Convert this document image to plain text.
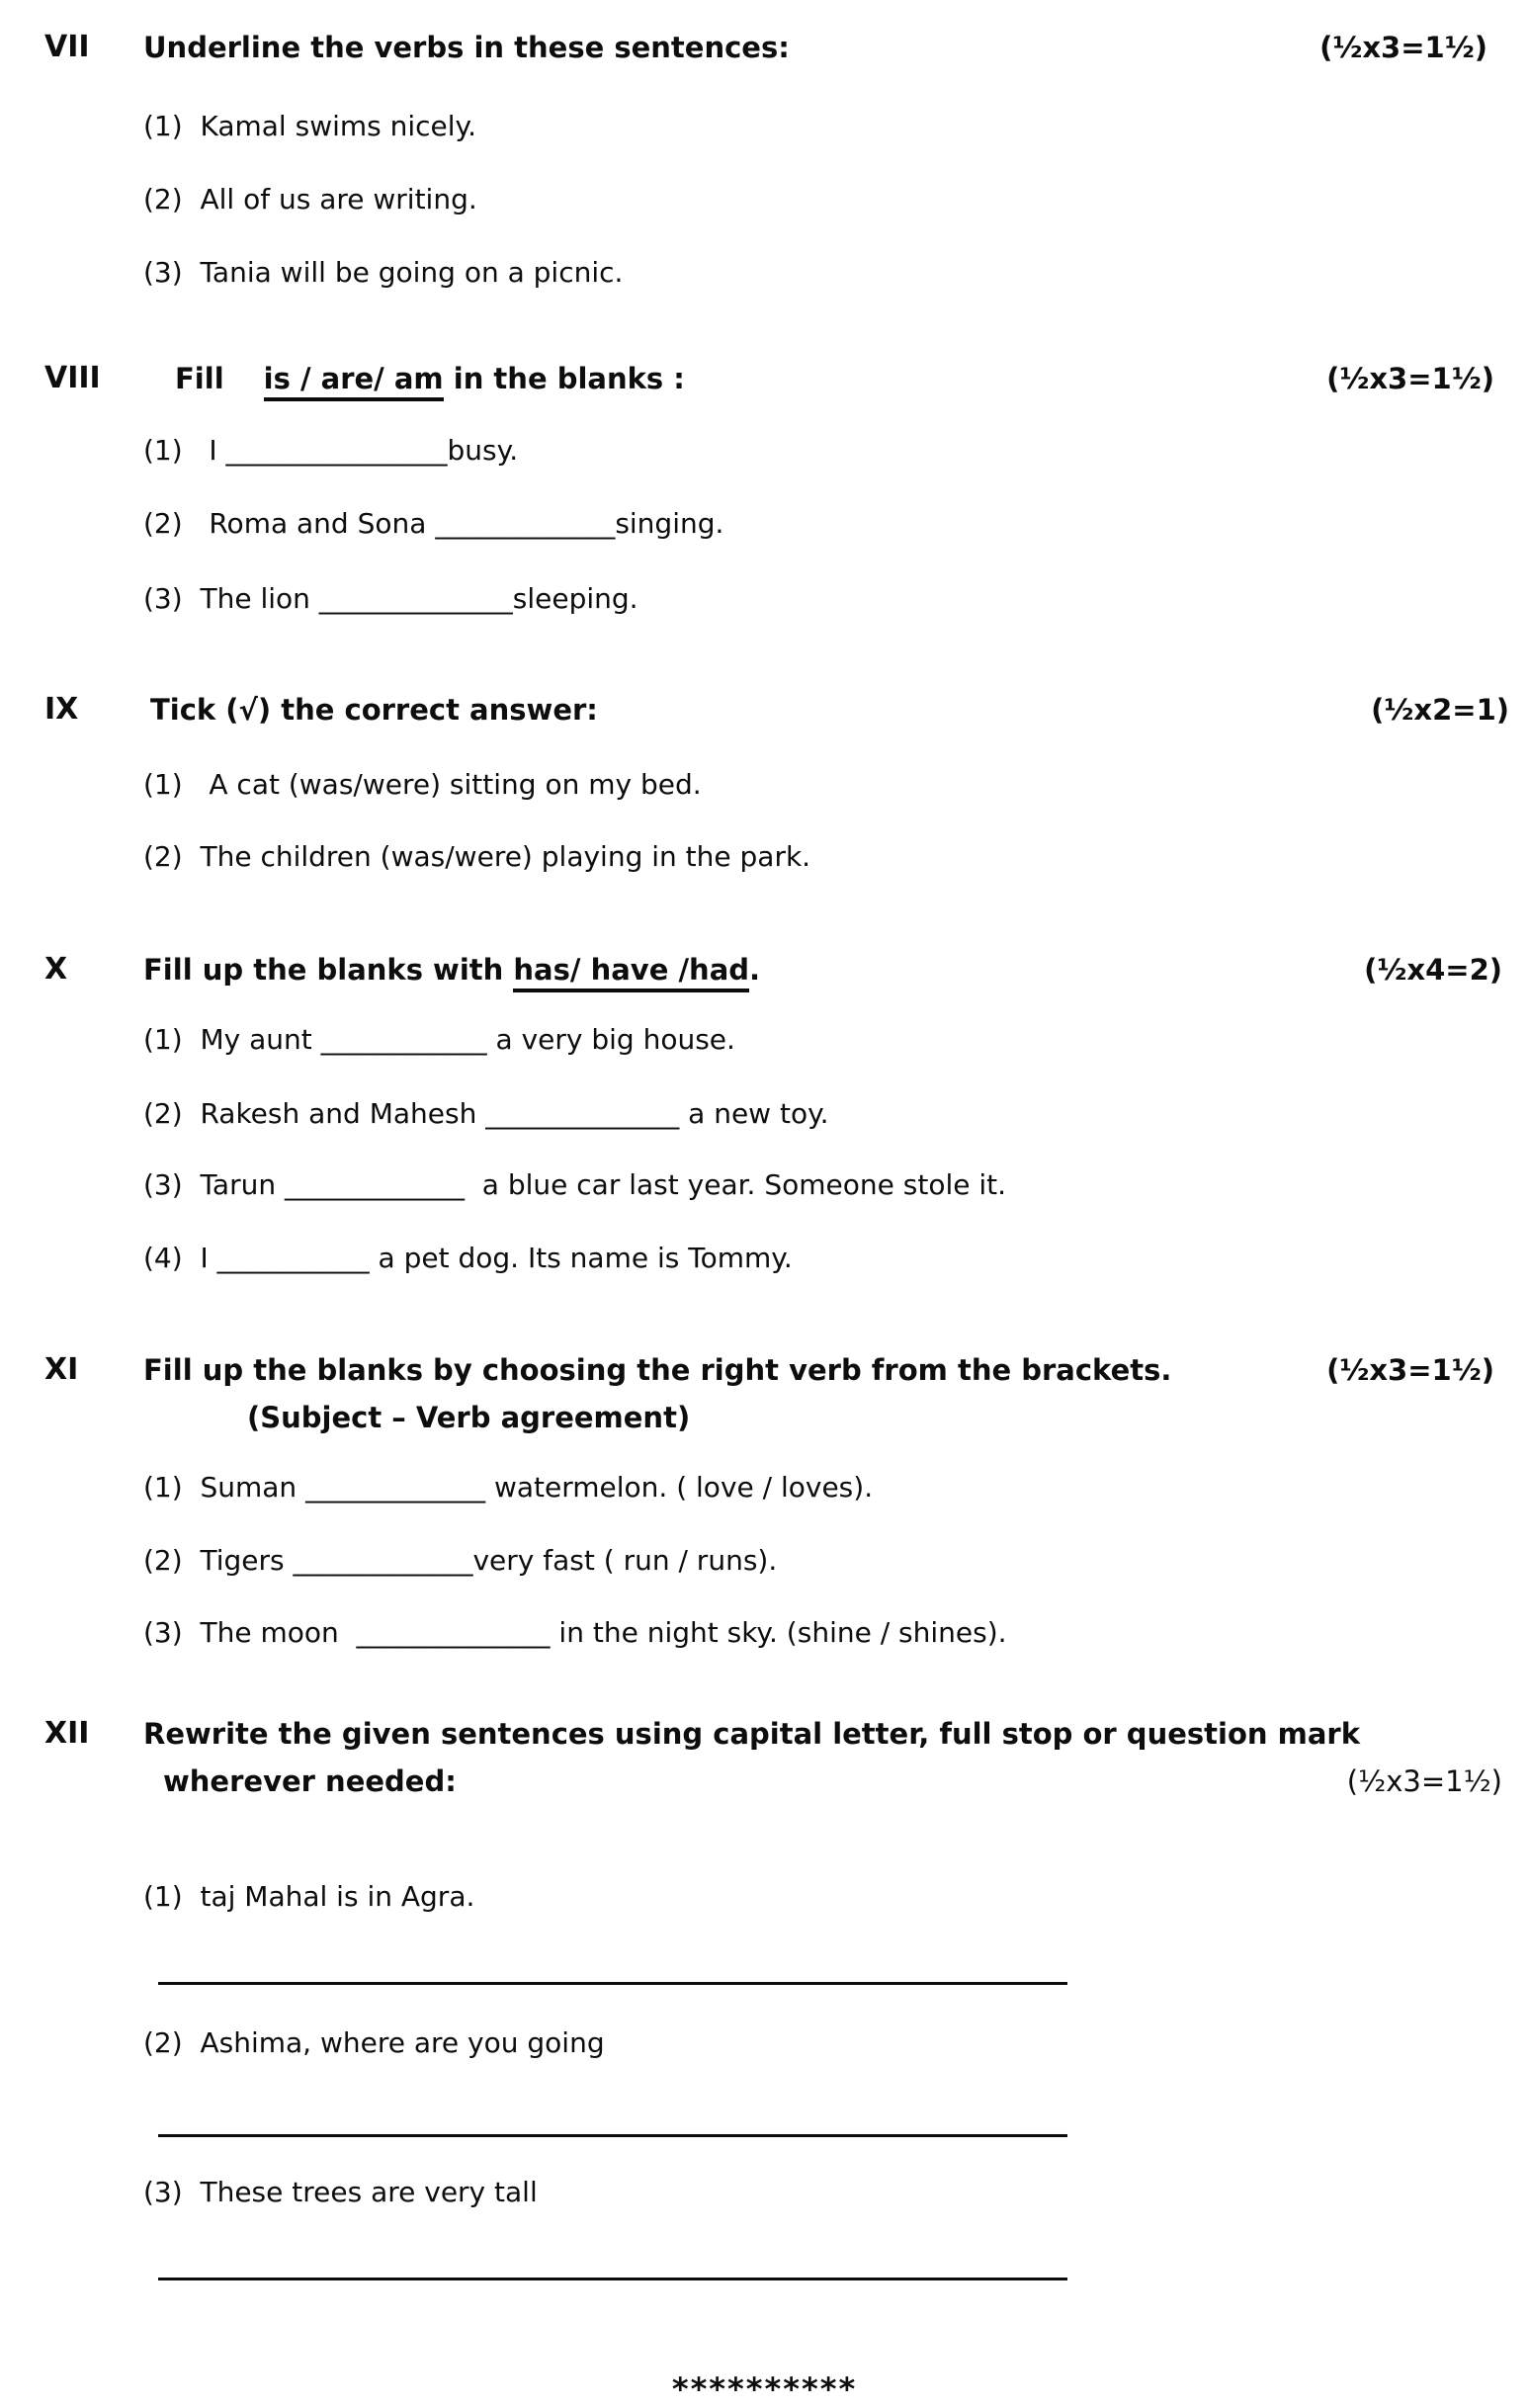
VII Underline the verbs in these sentences:	(½x3=1½)
(1)  Kamal swims nicely.
(2)  All of us are writing.
(3)  Tania will be going on a picnic.
VIII	Fill is / are/ am in the blanks :	(½x3=1½)
(1)   I ________________busy.
(2)   Roma and Sona _____________singing.
(3)  The lion ______________sleeping.
IX	Tick (√) the correct answer:	(½x2=1)
(1)   A cat (was/were) sitting on my bed.
(2)  The children (was/were) playing in the park.
X	Fill up the blanks with has/ have /had.	(½x4=2)
(1)  My aunt ____________ a very big house.
(2)  Rakesh and Mahesh ______________ a new toy.
(3)  Tarun _____________  a blue car last year. Someone stole it.
(4)  I ___________ a pet dog. Its name is Tommy.
XI Fill up the blanks by choosing the right verb from the brackets.	(½x3=1½)
(Subject – Verb agreement)
(1)  Suman _____________ watermelon. ( love / loves).
(2)  Tigers _____________very fast ( run / runs).
(3)  The moon  ______________ in the night sky. (shine / shines).
XII Rewrite the given sentences using capital letter, full stop or question mark
wherever needed:	(½x3=1½)
(1)  taj Mahal is in Agra.
(2)  Ashima, where are you going
(3)  These trees are very tall
**********
